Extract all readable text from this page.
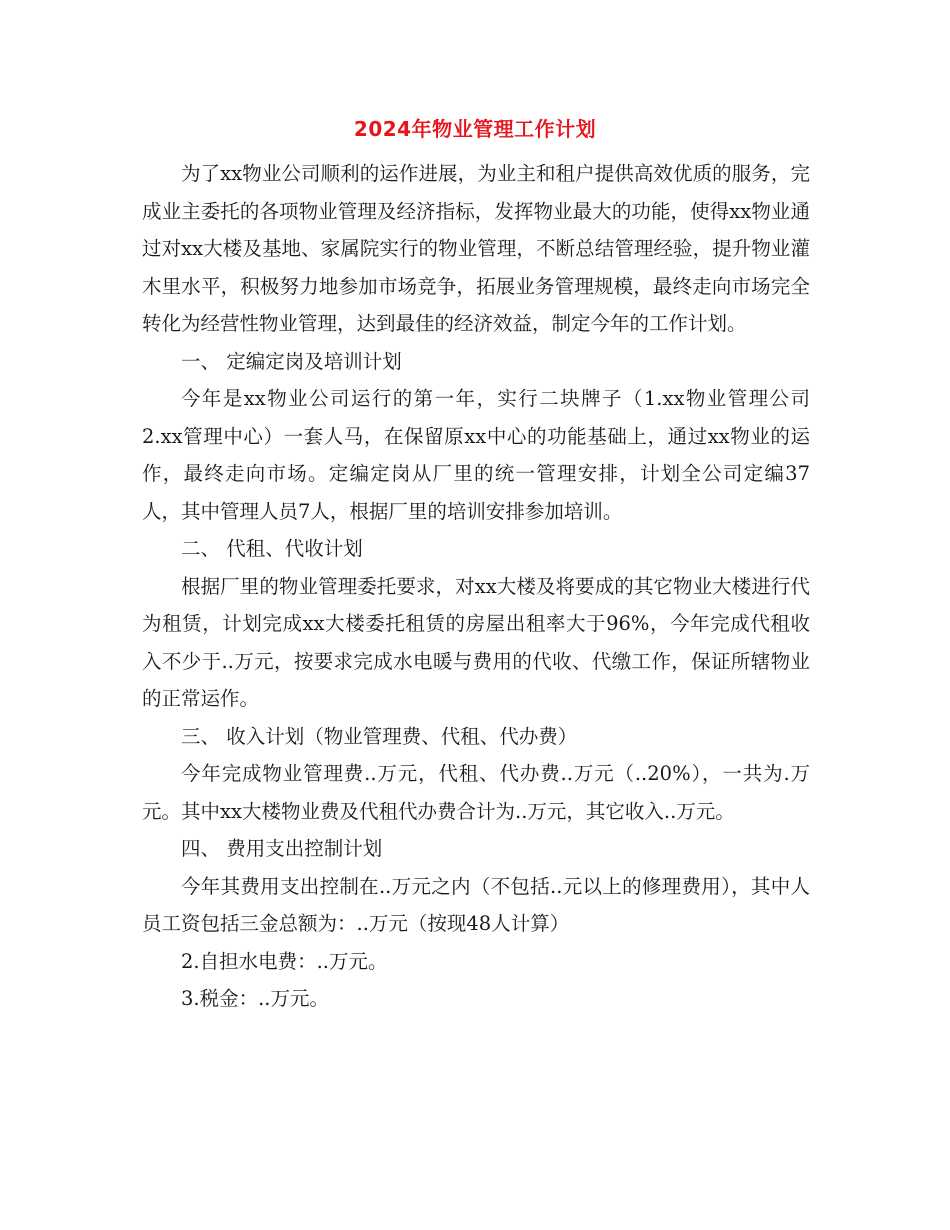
2024年物业管理工作计划

为了xx物业公司顺利的运作进展，为业主和租户提供高效优质的服务，完成业主委托的各项物业管理及经济指标，发挥物业最大的功能，使得xx物业通过对xx大楼及基地、家属院实行的物业管理，不断总结管理经验，提升物业灌木里水平，积极努力地参加市场竞争，拓展业务管理规模，最终走向市场完全转化为经营性物业管理，达到最佳的经济效益，制定今年的工作计划。

一、 定编定岗及培训计划

今年是xx物业公司运行的第一年，实行二块牌子（1.xx物业管理公司 2.xx管理中心）一套人马，在保留原xx中心的功能基础上，通过xx物业的运作，最终走向市场。定编定岗从厂里的统一管理安排，计划全公司定编37人，其中管理人员7人，根据厂里的培训安排参加培训。

二、 代租、代收计划

根据厂里的物业管理委托要求，对xx大楼及将要成的其它物业大楼进行代为租赁，计划完成xx大楼委托租赁的房屋出租率大于96%，今年完成代租收入不少于..万元，按要求完成水电暖与费用的代收、代缴工作，保证所辖物业的正常运作。

三、 收入计划（物业管理费、代租、代办费）

今年完成物业管理费..万元，代租、代办费..万元（..20%），一共为.万元。其中xx大楼物业费及代租代办费合计为..万元，其它收入..万元。

四、 费用支出控制计划

今年其费用支出控制在..万元之内（不包括..元以上的修理费用），其中人员工资包括三金总额为：..万元（按现48人计算）

2.自担水电费：..万元。

3.税金：..万元。
